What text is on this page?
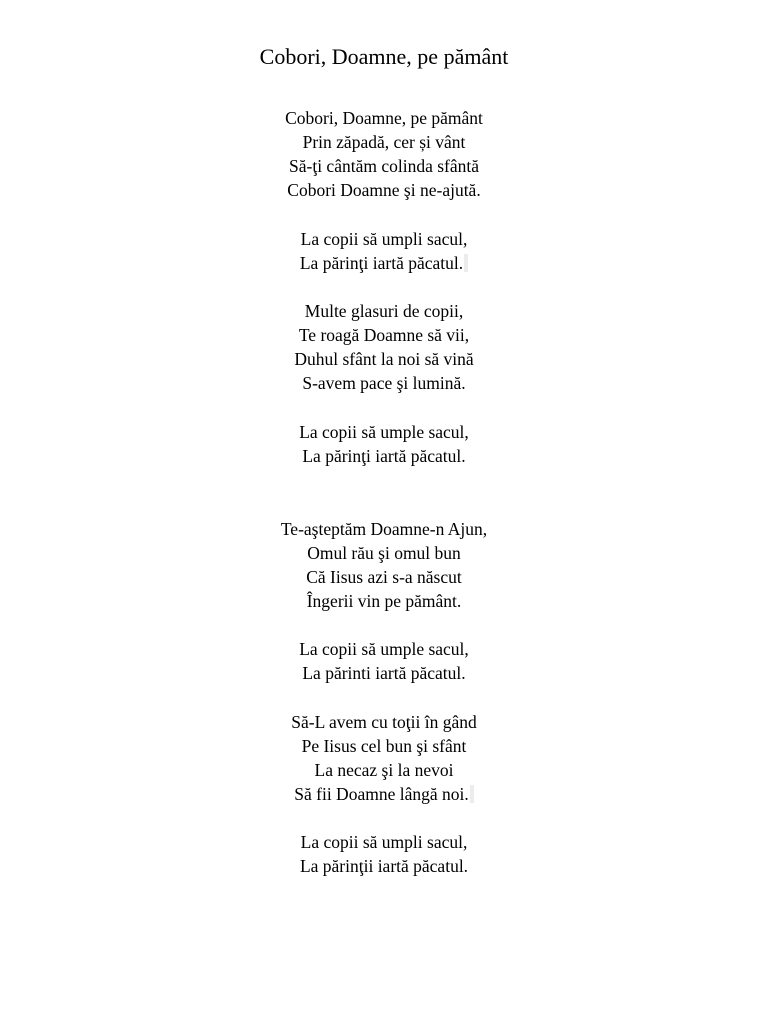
Cobori, Doamne, pe pământ
Cobori, Doamne, pe pământ
Prin zăpadă, cer și vânt
Să-ţi cântăm colinda sfântă
Cobori Doamne şi ne-ajută.
La copii să umpli sacul,
La părinţi iartă păcatul.
Multe glasuri de copii,
Te roagă Doamne să vii,
Duhul sfânt la noi să vină
S-avem pace şi lumină.
La copii să umple sacul,
La părinţi iartă păcatul.
Te-aşteptăm Doamne-n Ajun,
Omul rău şi omul bun
Că Iisus azi s-a născut
Îngerii vin pe pământ.
La copii să umple sacul,
La părinti iartă păcatul.
Să-L avem cu toţii în gând
Pe Iisus cel bun şi sfânt
La necaz şi la nevoi
Să fii Doamne lângă noi.
La copii să umpli sacul,
La părinţii iartă păcatul.
